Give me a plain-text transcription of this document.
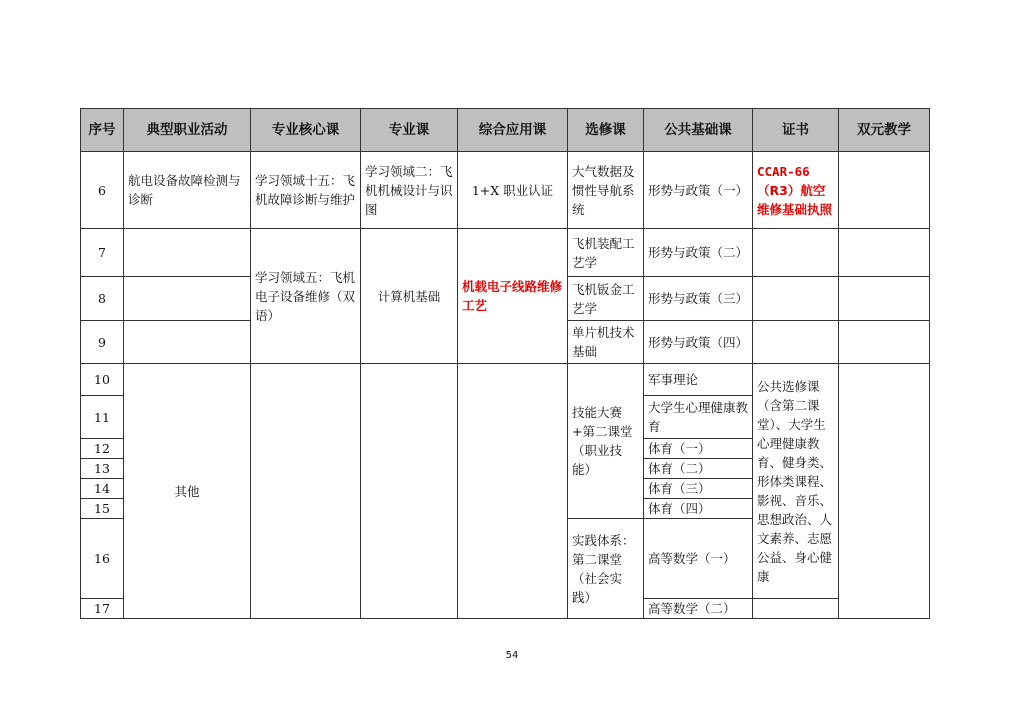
序号	典型职业活动	专业核心课	专业课	综合应用课	选修课	公共基础课	证书	双元教学
6	航电设备故障检测与诊断	学习领域十五：飞机故障诊断与维护	学习领域二：飞机机械设计与识图	1+X 职业认证	大气数据及惯性导航系统	形势与政策（一）	CCAR-66
（R3）航空维修基础执照	
7		学习领域五：飞机电子设备维修（双语）	计算机基础	机载电子线路维修工艺	飞机装配工艺学	形势与政策（二）		
8					飞机钣金工艺学	形势与政策（三）		
9					单片机技术基础	形势与政策（四）		
10	其他				技能大赛+第二课堂（职业技能）	军事理论	公共选修课（含第二课堂）、大学生心理健康教育、健身类、形体类课程、影视、音乐、思想政治、人文素养、志愿公益、身心健康	
11						大学生心理健康教育		
12						体育（一）		
13						体育（二）		
14						体育（三）		
15						体育（四）		
16					实践体系：第二课堂（社会实践）	高等数学（一）		
17						高等数学（二）		
54
